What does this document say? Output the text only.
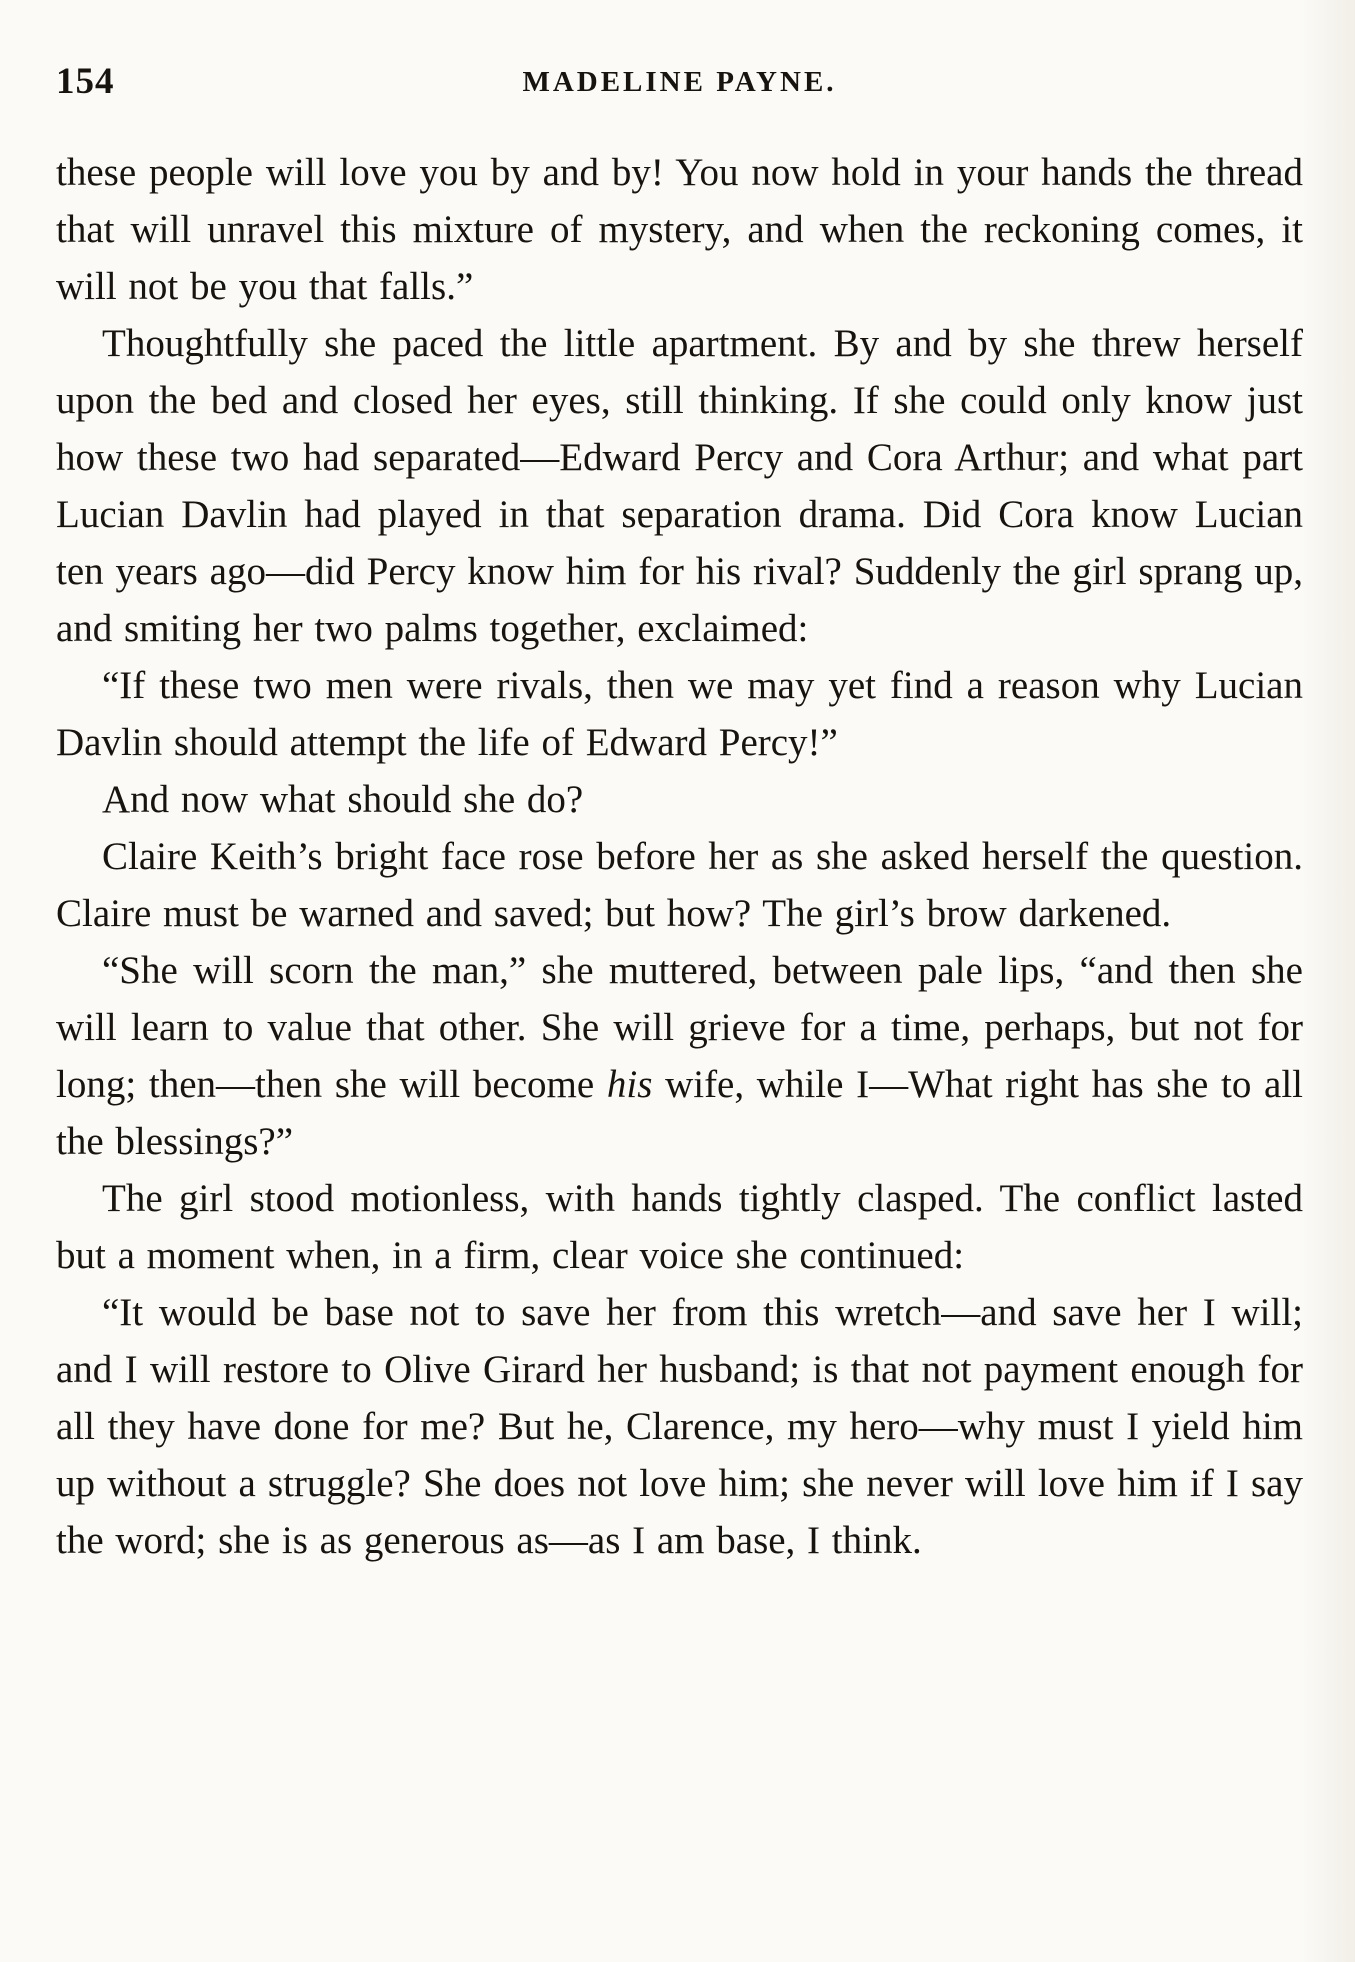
154	MADELINE PAYNE.

these people will love you by and by! You now hold in your hands the thread that will unravel this mixture of mystery, and when the reckoning comes, it will not be you that falls.”

Thoughtfully she paced the little apartment. By and by she threw herself upon the bed and closed her eyes, still thinking. If she could only know just how these two had separated—Edward Percy and Cora Arthur; and what part Lucian Davlin had played in that separation drama. Did Cora know Lucian ten years ago—did Percy know him for his rival? Suddenly the girl sprang up, and smiting her two palms together, exclaimed:

“If these two men were rivals, then we may yet find a reason why Lucian Davlin should attempt the life of Edward Percy!”

And now what should she do?

Claire Keith’s bright face rose before her as she asked herself the question. Claire must be warned and saved; but how? The girl’s brow darkened.

“She will scorn the man,” she muttered, between pale lips, “and then she will learn to value that other. She will grieve for a time, perhaps, but not for long; then—then she will become his wife, while I—What right has she to all the blessings?”

The girl stood motionless, with hands tightly clasped. The conflict lasted but a moment when, in a firm, clear voice she continued:

“It would be base not to save her from this wretch—and save her I will; and I will restore to Olive Girard her husband; is that not payment enough for all they have done for me? But he, Clarence, my hero—why must I yield him up without a struggle? She does not love him; she never will love him if I say the word; she is as generous as—as I am base, I think.
